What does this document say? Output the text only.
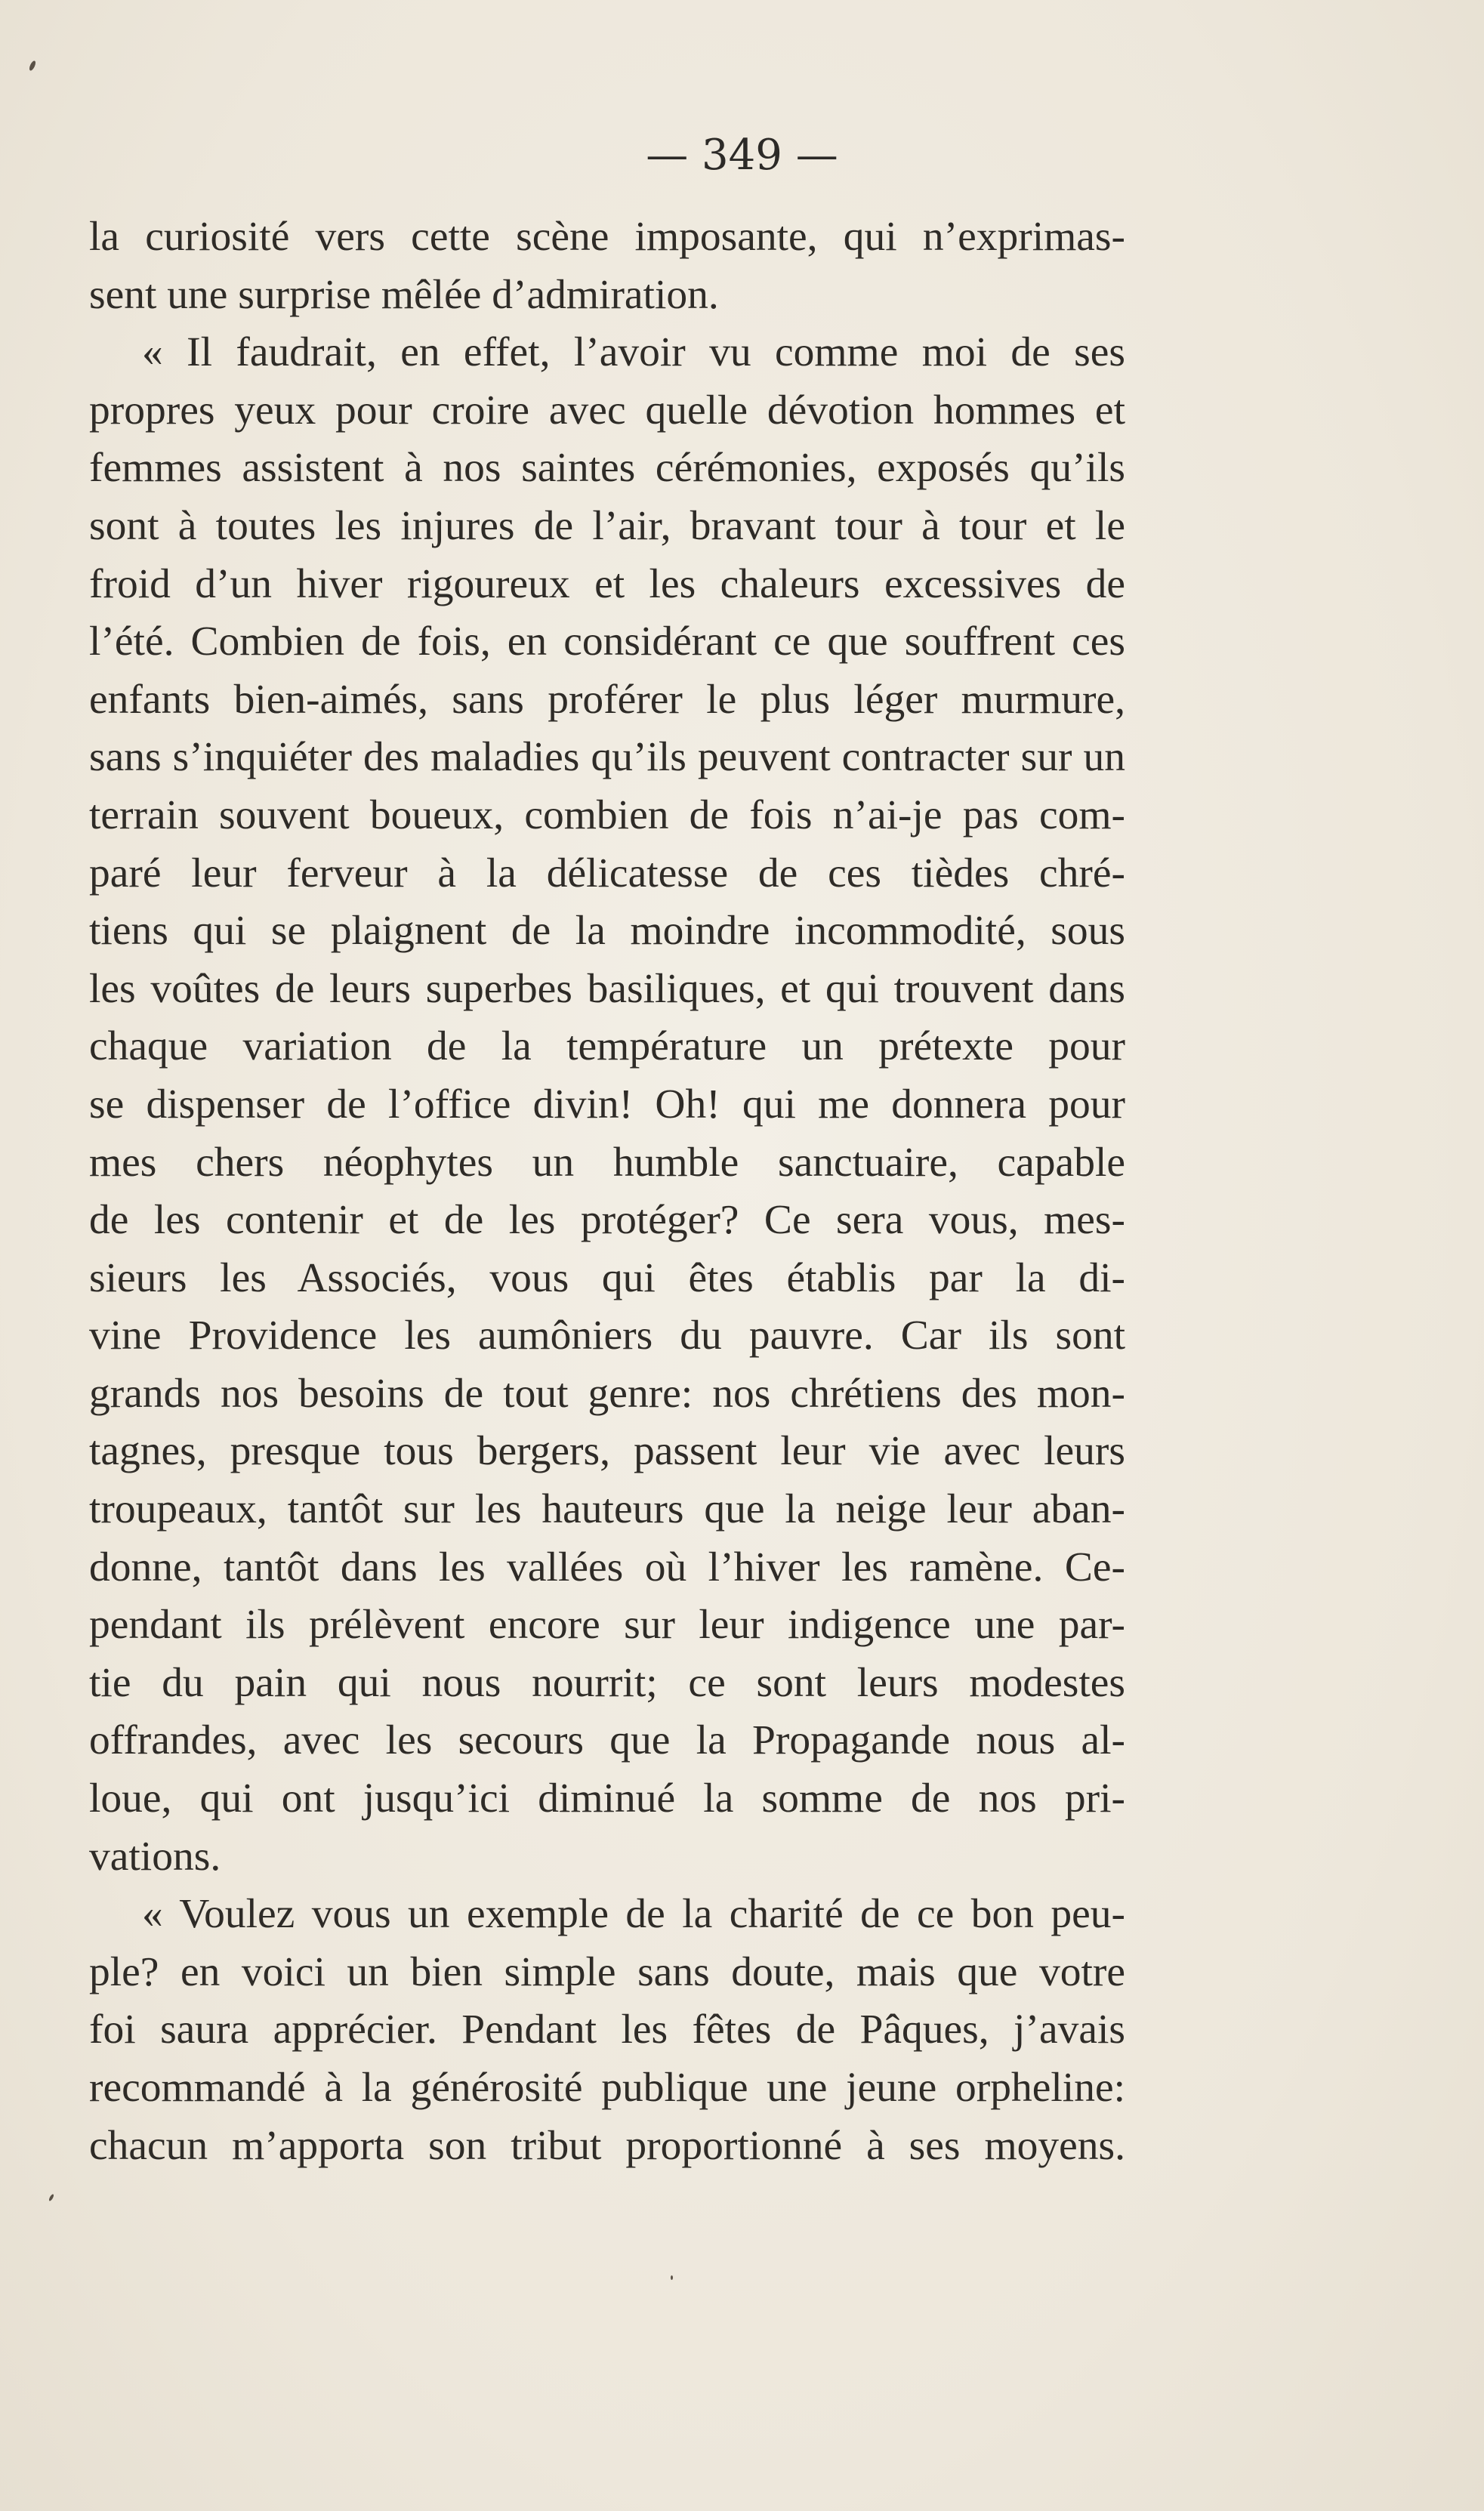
— 349 —
la curiosité vers cette scène imposante, qui n’exprimas-
sent une surprise mêlée d’admiration.
« Il faudrait, en effet, l’avoir vu comme moi de ses
propres yeux pour croire avec quelle dévotion hommes et
femmes assistent à nos saintes cérémonies, exposés qu’ils
sont à toutes les injures de l’air, bravant tour à tour et le
froid d’un hiver rigoureux et les chaleurs excessives de
l’été. Combien de fois, en considérant ce que souffrent ces
enfants bien-aimés, sans proférer le plus léger murmure,
sans s’inquiéter des maladies qu’ils peuvent contracter sur un
terrain souvent boueux, combien de fois n’ai-je pas com-
paré leur ferveur à la délicatesse de ces tièdes chré-
tiens qui se plaignent de la moindre incommodité, sous
les voûtes de leurs superbes basiliques, et qui trouvent dans
chaque variation de la température un prétexte pour
se dispenser de l’office divin! Oh! qui me donnera pour
mes chers néophytes un humble sanctuaire, capable
de les contenir et de les protéger? Ce sera vous, mes-
sieurs les Associés, vous qui êtes établis par la di-
vine Providence les aumôniers du pauvre. Car ils sont
grands nos besoins de tout genre: nos chrétiens des mon-
tagnes, presque tous bergers, passent leur vie avec leurs
troupeaux, tantôt sur les hauteurs que la neige leur aban-
donne, tantôt dans les vallées où l’hiver les ramène. Ce-
pendant ils prélèvent encore sur leur indigence une par-
tie du pain qui nous nourrit; ce sont leurs modestes
offrandes, avec les secours que la Propagande nous al-
loue, qui ont jusqu’ici diminué la somme de nos pri-
vations.
« Voulez vous un exemple de la charité de ce bon peu-
ple? en voici un bien simple sans doute, mais que votre
foi saura apprécier. Pendant les fêtes de Pâques, j’avais
recommandé à la générosité publique une jeune orpheline:
chacun m’apporta son tribut proportionné à ses moyens.
